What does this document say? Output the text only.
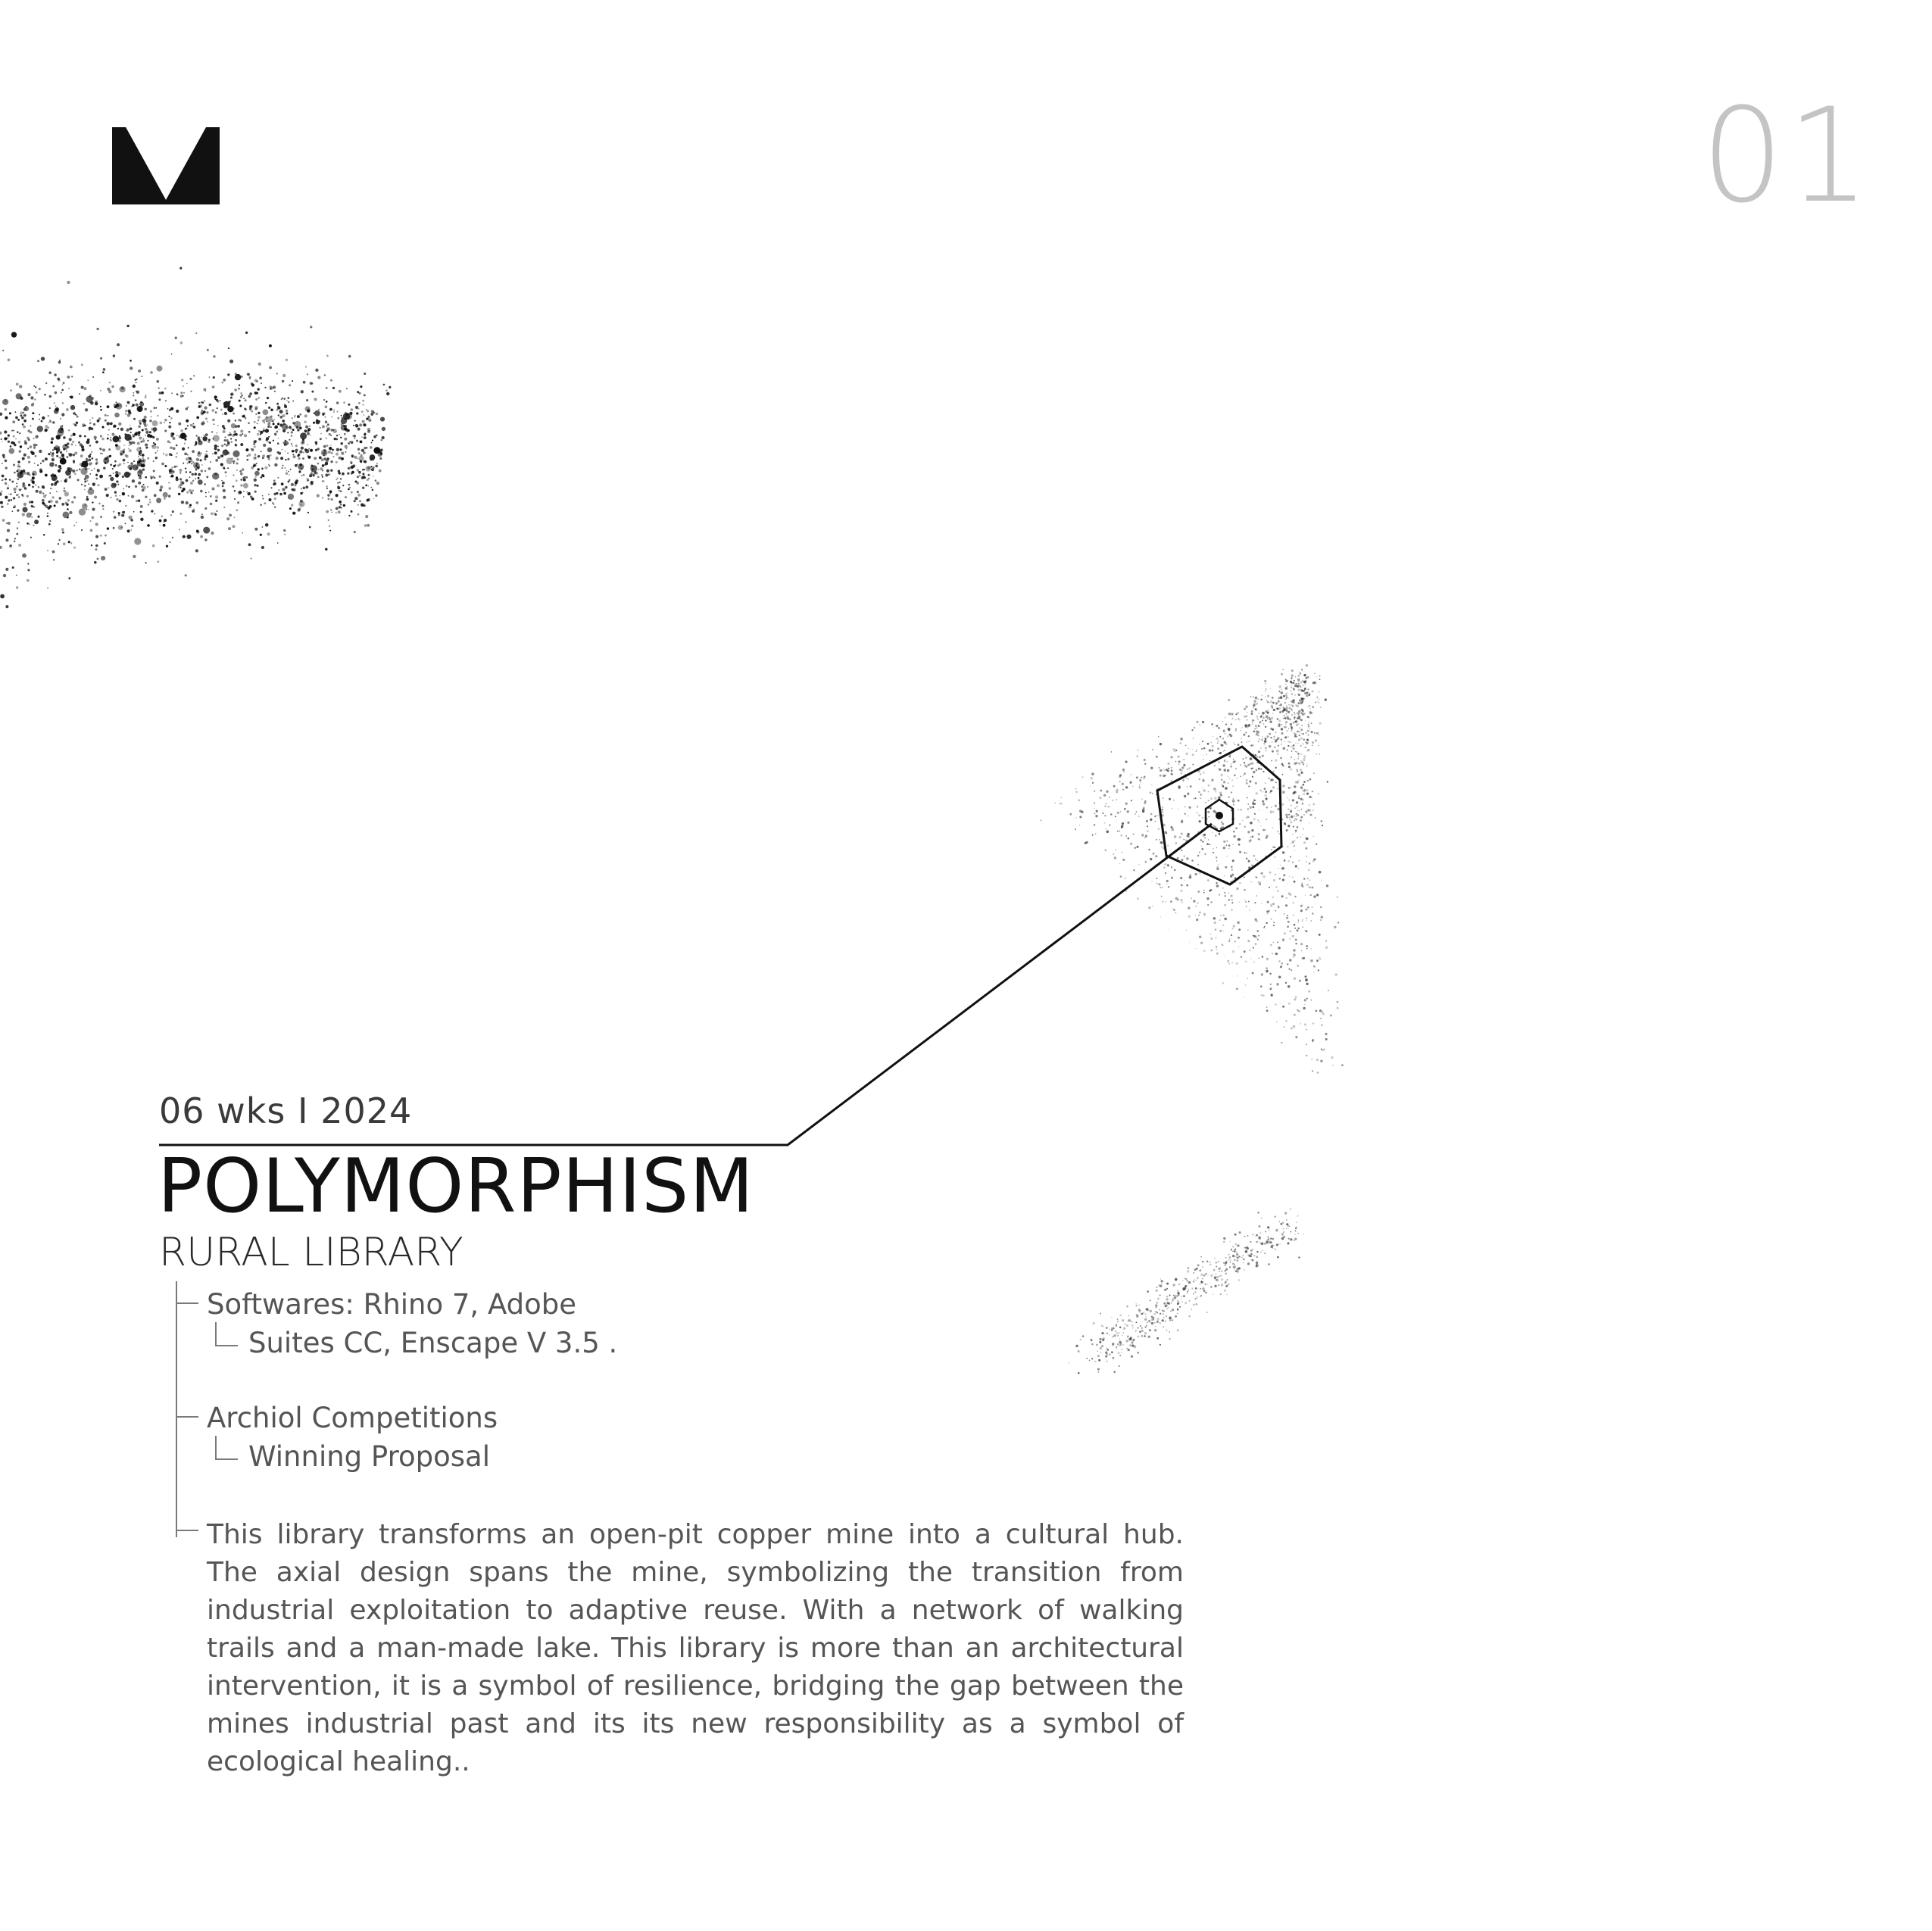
01
06 wks I 2024
POLYMORPHISM
RURAL LIBRARY
Softwares: Rhino 7, Adobe
Suites CC, Enscape V 3.5 .
Archiol Competitions
Winning Proposal
This library transforms an open-pit copper mine into a cultural hub. The axial design spans the mine, symbolizing the transition from industrial exploitation to adaptive reuse. With a network of walking trails and a man-made lake. This library is more than an architectural intervention, it is a symbol of resilience, bridging the gap between the mines industrial past and its its new responsibility as a symbol of ecological healing..
